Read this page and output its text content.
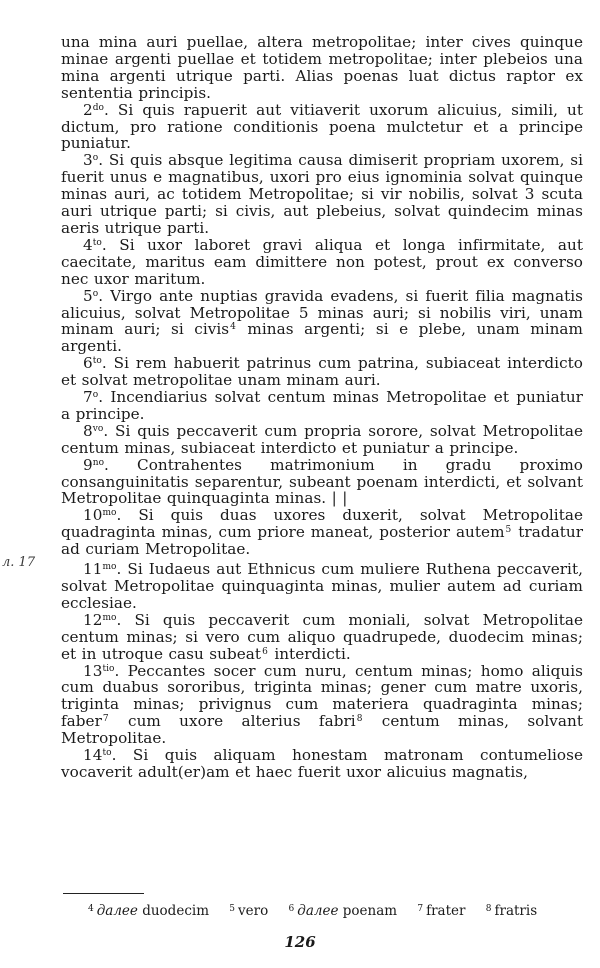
una mina auri puellae, altera metropolitae; inter cives quinque minae argenti puellae et totidem metropolitae; inter plebeios una mina argenti utrique parti. Alias poenas luat dictus raptor ex sententia principis.

$2^{do}$. Si quis rapuerit aut vitiaverit uxorum alicuius, simili, ut dictum, pro ratione conditionis poena mulctetur et a principe puniatur.

3$^o$. Si quis absque legitima causa dimiserit propriam uxorem, si fuerit unus e magnatibus, uxori pro eius ignominia solvat quinque minas auri, ac totidem Metropolitae; si vir nobilis, solvat 3 scuta auri utrique parti; si civis, aut plebeius, solvat quindecim minas aeris utrique parti.

$4^{to}$. Si uxor laboret gravi aliqua et longa infirmitate, aut caecitate, maritus eam dimittere non potest, prout ex converso nec uxor maritum.

5$^o$. Virgo ante nuptias gravida evadens, si fuerit filia magnatis alicuius, solvat Metropolitae 5 minas auri; si nobilis viri, unam minam auri; si civis$^4$ minas argenti; si e plebe, unam minam argenti.

$6^{to}$. Si rem habuerit patrinus cum patrina, subiaceat interdicto et solvat metropolitae unam minam auri.

7$^o$. Incendiarius solvat centum minas Metropolitae et puniatur a principe.

$8^{vo}$. Si quis peccaverit cum propria sorore, solvat Metropolitae centum minas, subiaceat interdicto et puniatur a principe.

$9^{no}$. Contrahentes matrimonium in gradu proximo consanguinitatis separentur, subeant poenam interdicti, et solvant Metropolitae quinquaginta minas. | |

$10^{mo}$. Si quis duas uxores duxerit, solvat Metropolitae quadraginta minas, cum priore maneat, posterior autem$^5$ tradatur ad curiam Metropolitae.

$11^{mo}$. Si Iudaeus aut Ethnicus cum muliere Ruthena peccaverit, solvat Metropolitae quinquaginta minas, mulier autem ad curiam ecclesiae.

$12^{mo}$. Si quis peccaverit cum moniali, solvat Metropolitae centum minas; si vero cum aliquo quadrupede, duodecim minas; et in utroque casu subeat$^6$ interdicti.

$13^{tio}$. Peccantes socer cum nuru, centum minas; homo aliquis cum duabus sororibus, triginta minas; gener cum matre uxoris, triginta minas; privignus cum materiera quadraginta minas; faber$^7$ cum uxore alterius fabri$^8$ centum minas, solvant Metropolitae.

$14^{to}$. Si quis aliquam honestam matronam contumeliose vocaverit adult(er)am et haec fuerit uxor alicuius magnatis,

л. 17
$^4$ далее duodecim $^5$ vero $^6$ далее poenam $^7$ frater $^8$ fratris
126
